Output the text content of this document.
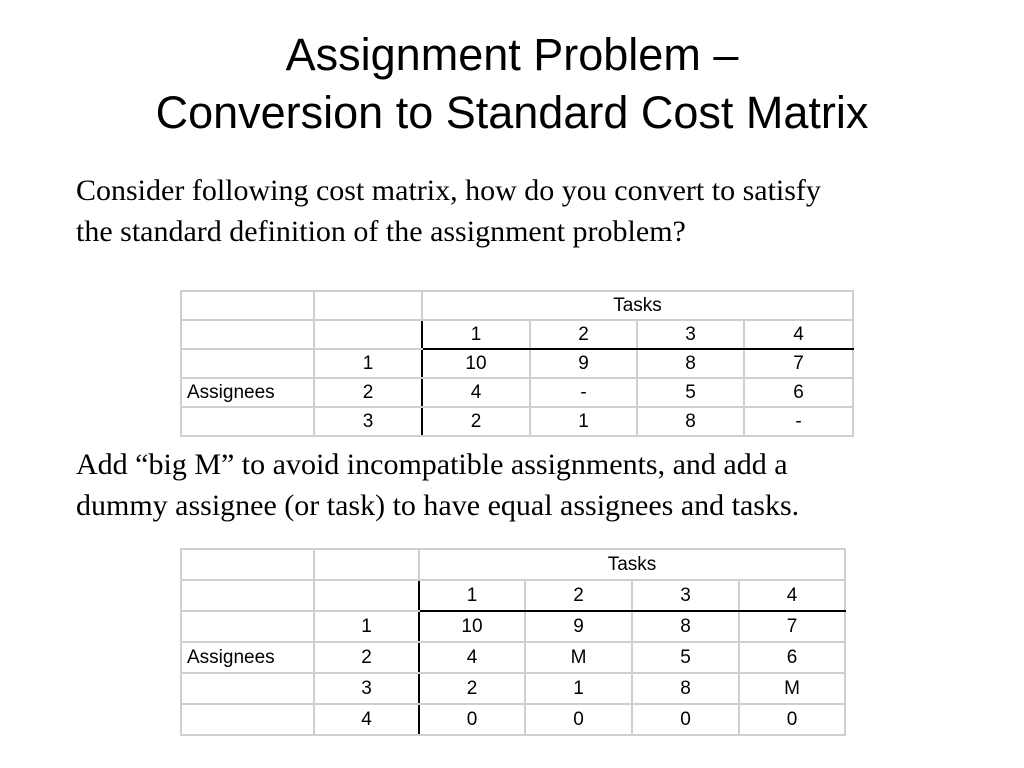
Assignment Problem –
Conversion to Standard Cost Matrix

Consider following cost matrix, how do you convert to satisfy
the standard definition of the assignment problem?

		Tasks			
		1	2	3	4
	1	10	9	8	7
Assignees	2	4	-	5	6
	3	2	1	8	-

Add “big M” to avoid incompatible assignments, and add a
dummy assignee (or task) to have equal assignees and tasks.

		Tasks			
		1	2	3	4
	1	10	9	8	7
Assignees	2	4	M	5	6
	3	2	1	8	M
	4	0	0	0	0
